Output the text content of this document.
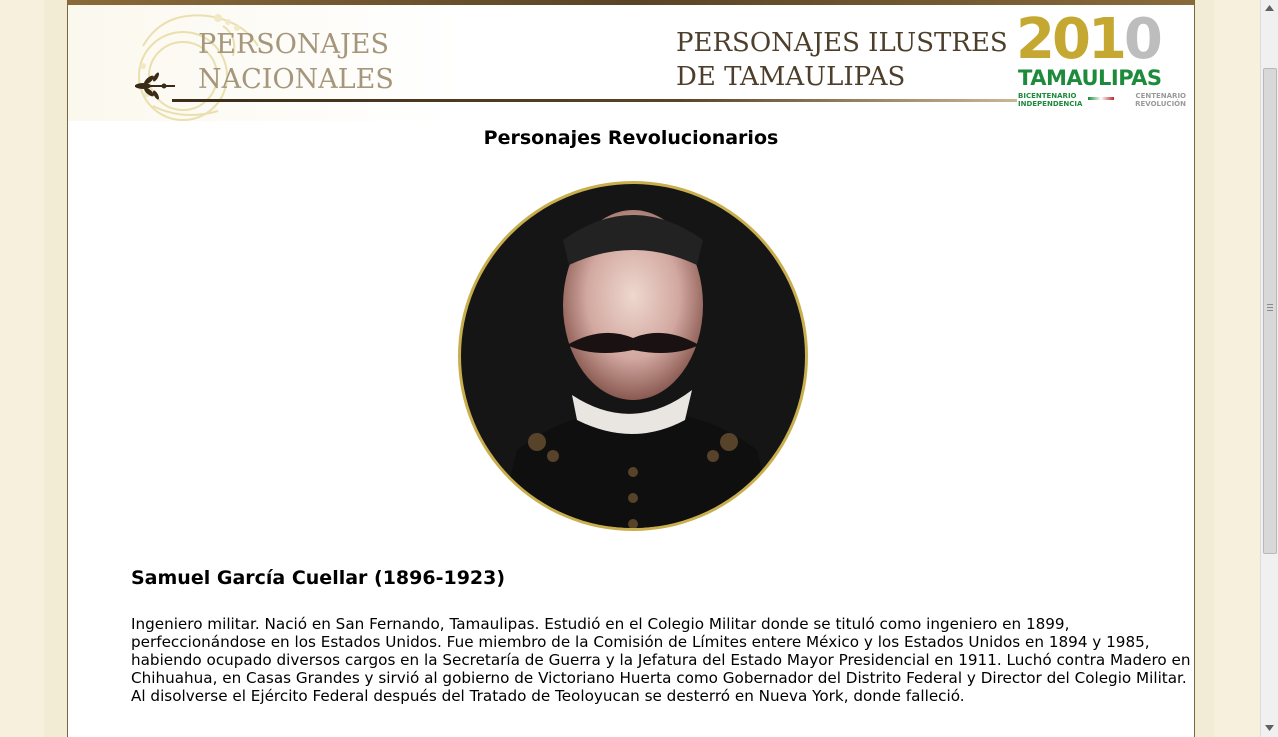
PERSONAJES
NACIONALES
PERSONAJES ILUSTRES
DE TAMAULIPAS
2010
TAMAULIPAS
BICENTENARIO INDEPENDENCIA
CENTENARIO REVOLUCIÓN
Personajes Revolucionarios
Samuel García Cuellar (1896-1923)

Ingeniero militar. Nació en San Fernando, Tamaulipas. Estudió en el Colegio Militar donde se tituló como ingeniero en 1899, perfeccionándose en los Estados Unidos. Fue miembro de la Comisión de Límites entere México y los Estados Unidos en 1894 y 1985, habiendo ocupado diversos cargos en la Secretaría de Guerra y la Jefatura del Estado Mayor Presidencial en 1911. Luchó contra Madero en Chihuahua, en Casas Grandes y sirvió al gobierno de Victoriano Huerta como Gobernador del Distrito Federal y Director del Colegio Militar. Al disolverse el Ejército Federal después del Tratado de Teoloyucan se desterró en Nueva York, donde falleció.
